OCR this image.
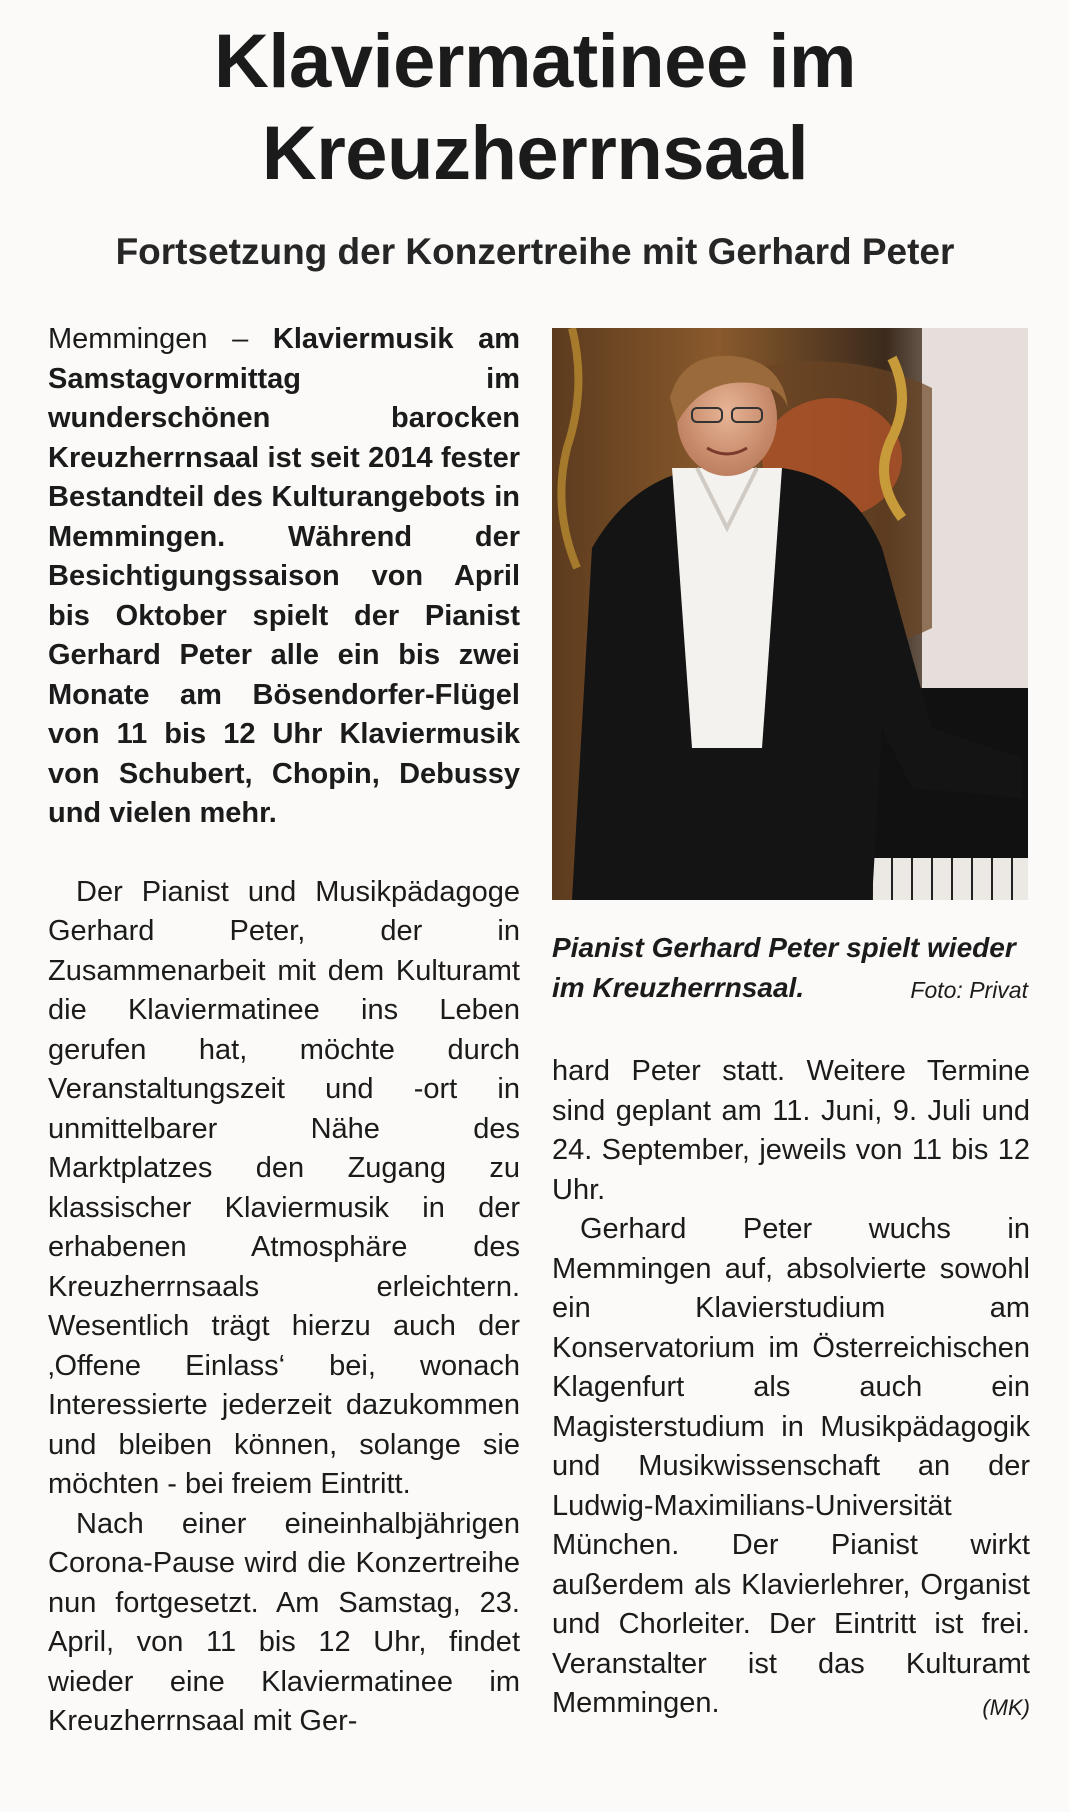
Klaviermatinee im
Kreuzherrnsaal
Fortsetzung der Konzertreihe mit Gerhard Peter

Memmingen – Klaviermusik am Samstagvormittag im wunderschönen barocken Kreuzherrnsaal ist seit 2014 fester Bestandteil des Kulturangebots in Memmingen. Während der Besichtigungssaison von April bis Oktober spielt der Pianist Gerhard Peter alle ein bis zwei Monate am Bösendorfer-Flügel von 11 bis 12 Uhr Klaviermusik von Schubert, Chopin, Debussy und vielen mehr.

Der Pianist und Musikpädagoge Gerhard Peter, der in Zusammenarbeit mit dem Kulturamt die Klaviermatinee ins Leben gerufen hat, möchte durch Veranstaltungszeit und -ort in unmittelbarer Nähe des Marktplatzes den Zugang zu klassischer Klaviermusik in der erhabenen Atmosphäre des Kreuzherrnsaals erleichtern. Wesentlich trägt hierzu auch der ‚Offene Einlass‘ bei, wonach Interessierte jederzeit dazukommen und bleiben können, solange sie möchten - bei freiem Eintritt.

Nach einer eineinhalbjährigen Corona-Pause wird die Konzertreihe nun fortgesetzt. Am Samstag, 23. April, von 11 bis 12 Uhr, findet wieder eine Klaviermatinee im Kreuzherrnsaal mit Ger-

Pianist Gerhard Peter spielt wieder im Kreuzherrnsaal.	Foto: Privat

hard Peter statt. Weitere Termine sind geplant am 11. Juni, 9. Juli und 24. September, jeweils von 11 bis 12 Uhr.

Gerhard Peter wuchs in Memmingen auf, absolvierte sowohl ein Klavierstudium am Konservatorium im Österreichischen Klagenfurt als auch ein Magisterstudium in Musikpädagogik und Musikwissenschaft an der Ludwig-Maximilians-Universität München. Der Pianist wirkt außerdem als Klavierlehrer, Organist und Chorleiter. Der Eintritt ist frei. Veranstalter ist das Kulturamt Memmingen.	(MK)
